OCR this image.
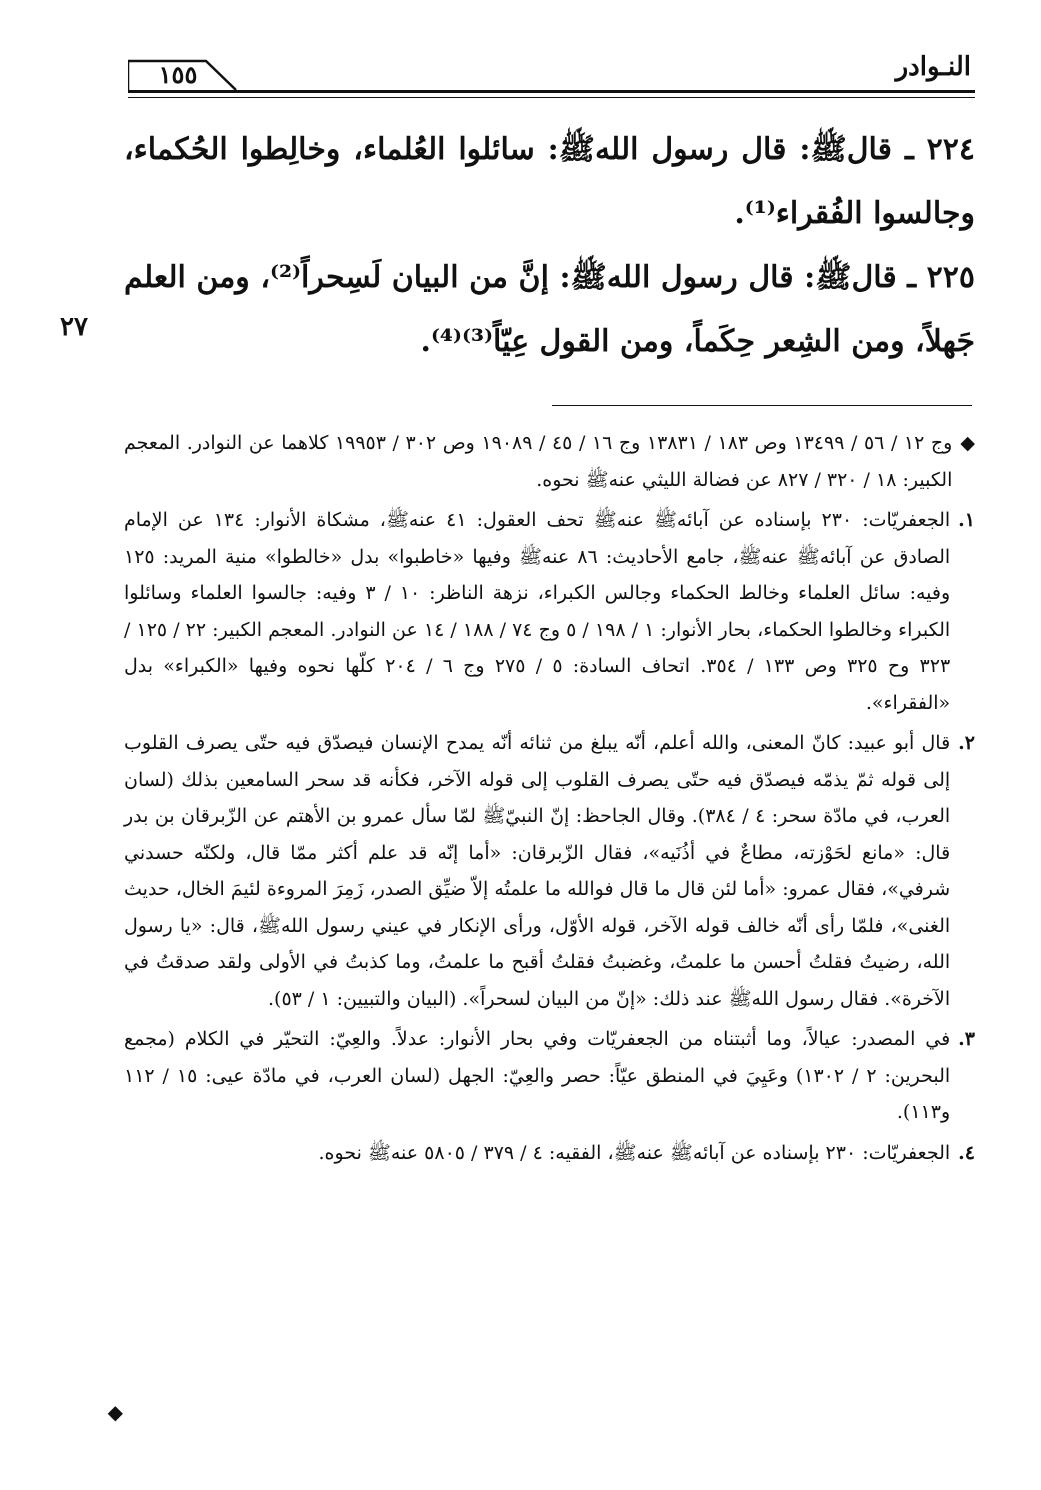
النـوادر
١٥٥

٢٢٤ ـ قالﷺ: قال رسول اللهﷺ: سائلوا العُلماء، وخالِطوا الحُكماء، وجالسوا الفُقراء⁽¹⁾.

٢٢٥ ـ قالﷺ: قال رسول اللهﷺ: إنَّ من البيان لَسِحراً⁽²⁾، ومن العلم جَهلاً، ومن الشِعر حِكَماً، ومن القول عِيّاً⁽³⁾⁽⁴⁾.

٢٧
◆
وج ١٢ / ٥٦ / ١٣٤٩٩ وص ١٨٣ / ١٣٨٣١ وج ١٦ / ٤٥ / ١٩٠٨٩ وص ٣٠٢ / ١٩٩٥٣ كلاهما عن النوادر. المعجم الكبير: ١٨ / ٣٢٠ / ٨٢٧ عن فضالة الليثي عنهﷺ نحوه.
١.
الجعفريّات: ٢٣٠ بإسناده عن آبائهﷺ عنهﷺ تحف العقول: ٤١ عنهﷺ، مشكاة الأنوار: ١٣٤ عن الإمام الصادق عن آبائهﷺ عنهﷺ، جامع الأحاديث: ٨٦ عنهﷺ وفيها «خاطبوا» بدل «خالطوا» منية المريد: ١٢٥ وفيه: سائل العلماء وخالط الحكماء وجالس الكبراء، نزهة الناظر: ١٠ / ٣ وفيه: جالسوا العلماء وسائلوا الكبراء وخالطوا الحكماء، بحار الأنوار: ١ / ١٩٨ / ٥ وج ٧٤ / ١٨٨ / ١٤ عن النوادر. المعجم الكبير: ٢٢ / ١٢٥ / ٣٢٣ وح ٣٢٥ وص ١٣٣ / ٣٥٤. اتحاف السادة: ٥ / ٢٧٥ وج ٦ / ٢٠٤ كلّها نحوه وفيها «الكبراء» بدل «الفقراء».
٢.
قال أبو عبيد: كانّ المعنى، والله أعلم، أنّه يبلغ من ثنائه أنّه يمدح الإنسان فيصدّق فيه حتّى يصرف القلوب إلى قوله ثمّ يذمّه فيصدّق فيه حتّى يصرف القلوب إلى قوله الآخر، فكأنه قد سحر السامعين بذلك (لسان العرب، في مادّة سحر: ٤ / ٣٨٤). وقال الجاحظ: إنّ النبيّﷺ لمّا سأل عمرو بن الأهتم عن الزّبرقان بن بدر قال: «مانع لحَوْزته، مطاعٌ في أذُنَيه»، فقال الزّبرقان: «أما إنّه قد علم أكثر ممّا قال، ولكنّه حسدني شرفي»، فقال عمرو: «أما لئن قال ما قال فوالله ما علمتُه إلاّ ضيِّق الصدر، زَمِرَ المروءة لئيمَ الخال، حديث الغنى»، فلمّا رأى أنّه خالف قوله الآخر، قوله الأوّل، ورأى الإنكار في عيني رسول اللهﷺ، قال: «يا رسول الله، رضيتُ فقلتُ أحسن ما علمتُ، وغضبتُ فقلتُ أقبح ما علمتُ، وما كذبتُ في الأولى ولقد صدقتُ في الآخرة». فقال رسول اللهﷺ عند ذلك: «إنّ من البيان لسحراً». (البيان والتبيين: ١ / ٥٣).
٣.
في المصدر: عيالاً، وما أثبتناه من الجعفريّات وفي بحار الأنوار: عدلاً. والعِيّ: التحيّر في الكلام (مجمع البحرين: ٢ / ١٣٠٢) وعَيِيَ في المنطق عيّاً: حصر والعِيّ: الجهل (لسان العرب، في مادّة عيى: ١٥ / ١١٢ و١١٣).
٤.
الجعفريّات: ٢٣٠ بإسناده عن آبائهﷺ عنهﷺ، الفقيه: ٤ / ٣٧٩ / ٥٨٠٥ عنهﷺ نحوه.
◆
